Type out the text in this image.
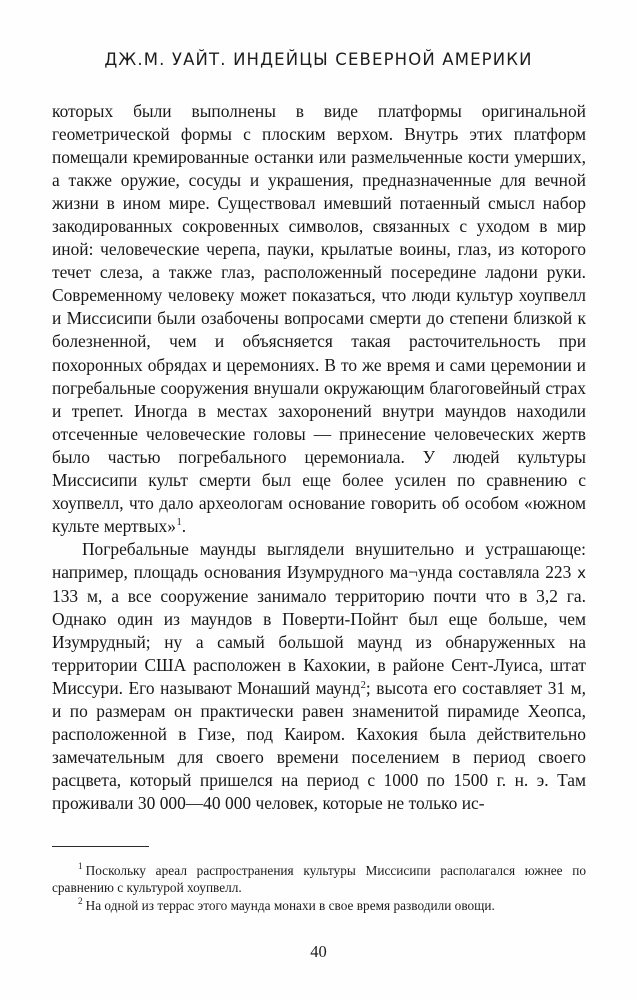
ДЖ.М. УАЙТ. ИНДЕЙЦЫ СЕВЕРНОЙ АМЕРИКИ

которых были выполнены в виде платформы оригинальной геометрической формы с плоским верхом. Внутрь этих платформ помещали кремированные останки или размельченные кости умерших, а также оружие, сосуды и украшения, предназначенные для вечной жизни в ином мире. Существовал имевший потаенный смысл набор закодированных сокровенных символов, связанных с уходом в мир иной: человеческие черепа, пауки, крылатые воины, глаз, из которого течет слеза, а также глаз, расположенный посередине ладони руки. Современному человеку может показаться, что люди культур хоупвелл и Миссисипи были озабочены вопросами смерти до степени близкой к болезненной, чем и объясняется такая расточительность при похоронных обрядах и церемониях. В то же время и сами церемонии и погребальные сооружения внушали окружающим благоговейный страх и трепет. Иногда в местах захоронений внутри маундов находили отсеченные человеческие головы — принесение человеческих жертв было частью погребального церемониала. У людей культуры Миссисипи культ смерти был еще более усилен по сравнению с хоупвелл, что дало археологам основание говорить об особом «южном культе мертвых»$^1$.

Погребальные маунды выглядели внушительно и устрашающе: например, площадь основания Изумрудного ма¬унда составляла 223 x 133 м, а все сооружение занимало территорию почти что в 3,2 га. Однако один из маундов в Поверти-Пойнт был еще больше, чем Изумрудный; ну а самый большой маунд из обнаруженных на территории США расположен в Кахокии, в районе Сент-Луиса, штат Миссури. Его называют Монаший маунд$^2$; высота его составляет 31 м, и по размерам он практически равен знаменитой пирамиде Хеопса, расположенной в Гизе, под Каиром. Кахокия была действительно замечательным для своего времени поселением в период своего расцвета, который пришелся на период с 1000 по 1500 г. н. э. Там проживали 30 000—40 000 человек, которые не только ис-

$^1$ Поскольку ареал распространения культуры Миссисипи располагался южнее по сравнению с культурой хоупвелл.

$^2$ На одной из террас этого маунда монахи в свое время разводили овощи.

40
